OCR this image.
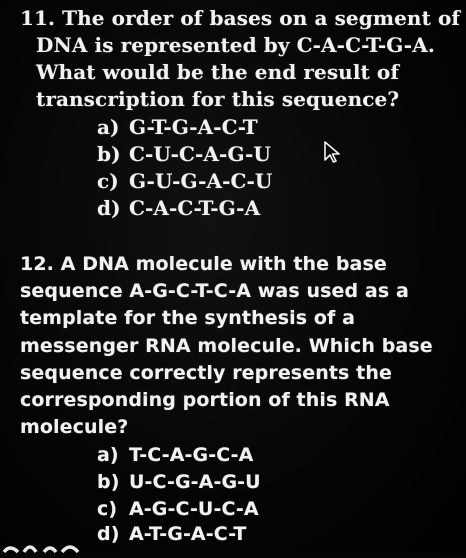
11. The order of bases on a segment of
DNA is represented by C-A-C-T-G-A.
What would be the end result of
transcription for this sequence?
a) G-T-G-A-C-T
b) C-U-C-A-G-U
c) G-U-G-A-C-U
d) C-A-C-T-G-A
12. A DNA molecule with the base
sequence A-G-C-T-C-A was used as a
template for the synthesis of a
messenger RNA molecule. Which base
sequence correctly represents the
corresponding portion of this RNA
molecule?
a) T-C-A-G-C-A
b) U-C-G-A-G-U
c) A-G-C-U-C-A
d) A-T-G-A-C-T
